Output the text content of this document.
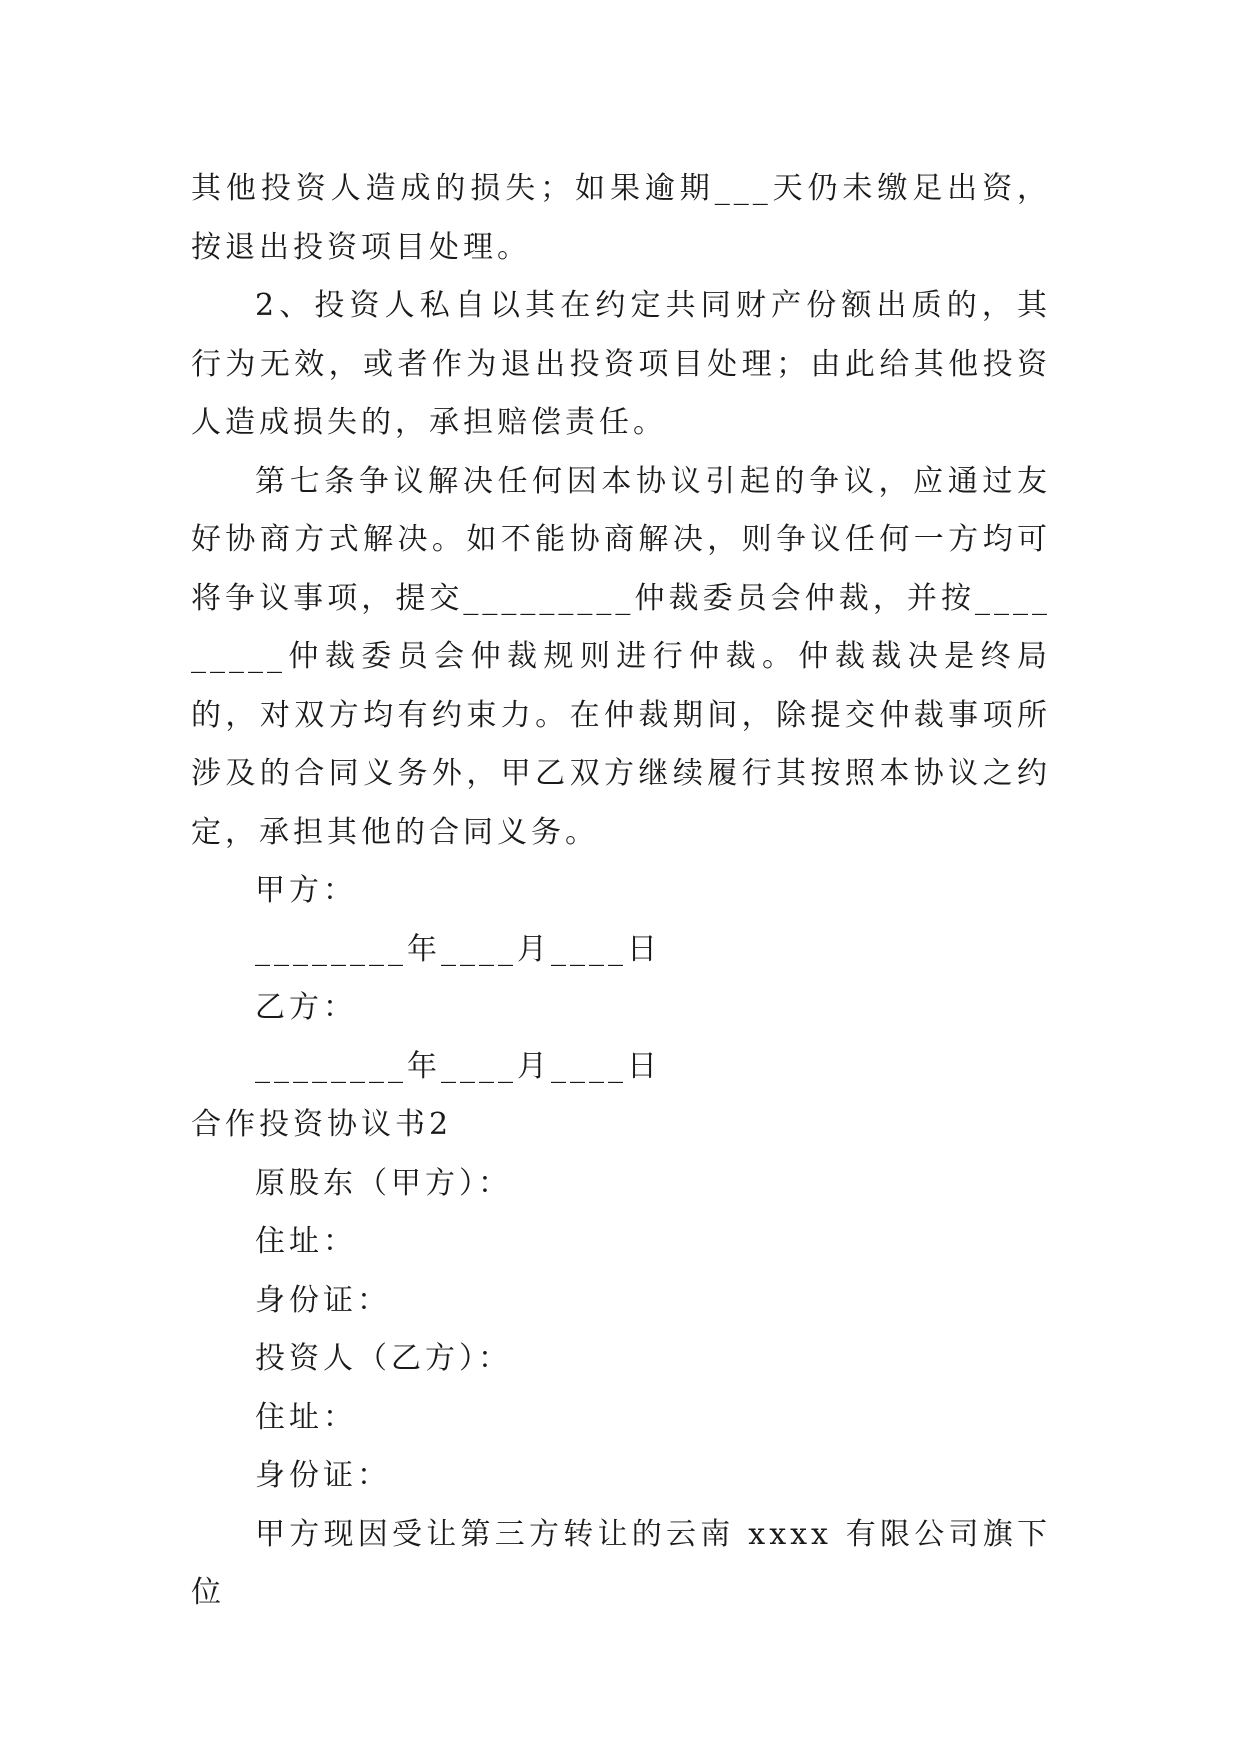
其他投资人造成的损失；如果逾期___天仍未缴足出资，按退出投资项目处理。

2、投资人私自以其在约定共同财产份额出质的，其行为无效，或者作为退出投资项目处理；由此给其他投资人造成损失的，承担赔偿责任。

第七条争议解决任何因本协议引起的争议，应通过友好协商方式解决。如不能协商解决，则争议任何一方均可将争议事项，提交_________仲裁委员会仲裁，并按_________仲裁委员会仲裁规则进行仲裁。仲裁裁决是终局的，对双方均有约束力。在仲裁期间，除提交仲裁事项所涉及的合同义务外，甲乙双方继续履行其按照本协议之约定，承担其他的合同义务。

甲方：

________年____月____日

乙方：

________年____月____日

合作投资协议书2

原股东（甲方）：

住址：

身份证：

投资人（乙方）：

住址：

身份证：

甲方现因受让第三方转让的云南 xxxx 有限公司旗下位
